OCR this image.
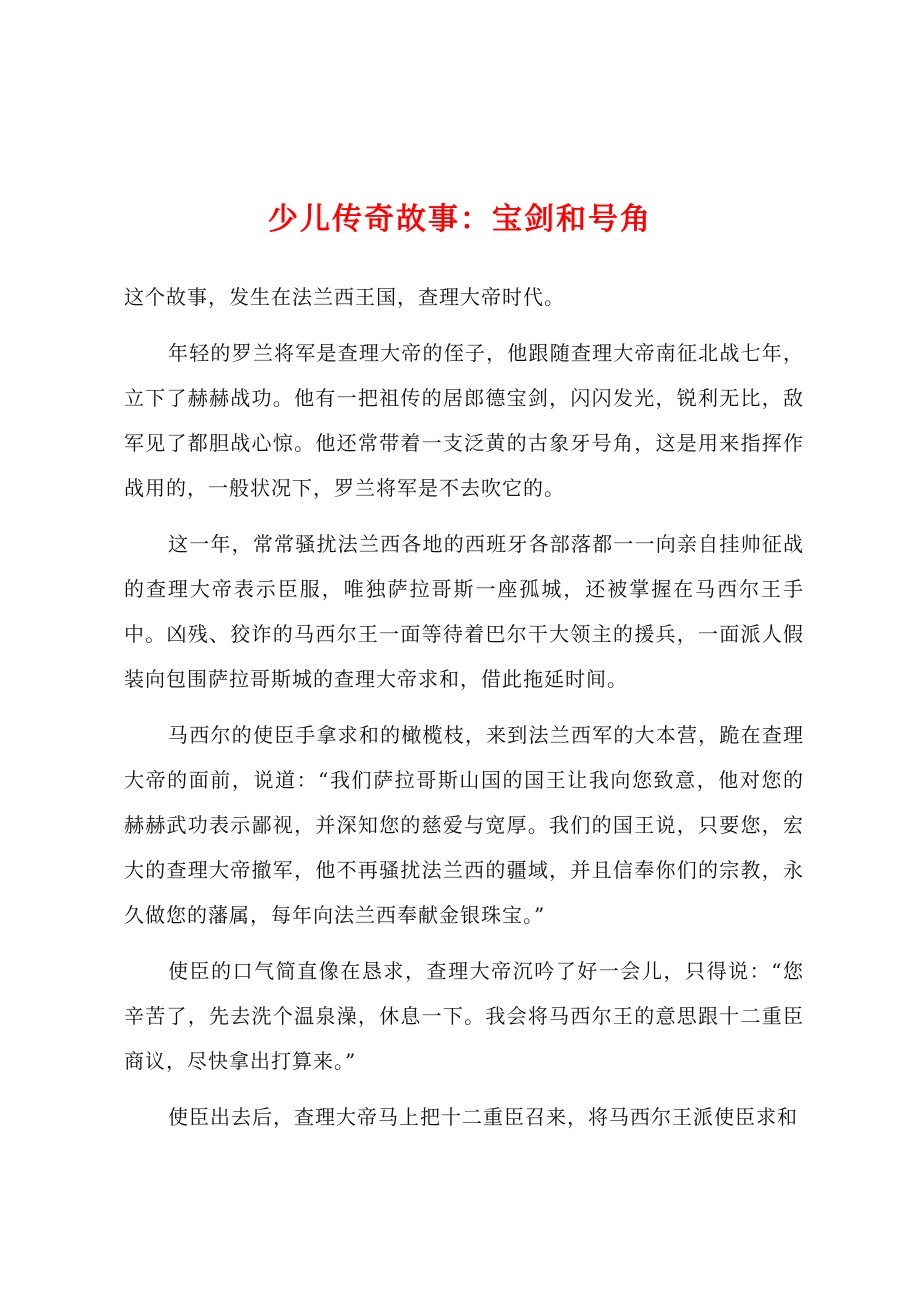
少儿传奇故事：宝剑和号角

这个故事，发生在法兰西王国，查理大帝时代。

年轻的罗兰将军是查理大帝的侄子，他跟随查理大帝南征北战七年，立下了赫赫战功。他有一把祖传的居郎德宝剑，闪闪发光，锐利无比，敌军见了都胆战心惊。他还常带着一支泛黄的古象牙号角，这是用来指挥作战用的，一般状况下，罗兰将军是不去吹它的。

这一年，常常骚扰法兰西各地的西班牙各部落都一一向亲自挂帅征战的查理大帝表示臣服，唯独萨拉哥斯一座孤城，还被掌握在马西尔王手中。凶残、狡诈的马西尔王一面等待着巴尔干大领主的援兵，一面派人假装向包围萨拉哥斯城的查理大帝求和，借此拖延时间。

马西尔的使臣手拿求和的橄榄枝，来到法兰西军的大本营，跪在查理大帝的面前，说道：“我们萨拉哥斯山国的国王让我向您致意，他对您的赫赫武功表示鄙视，并深知您的慈爱与宽厚。我们的国王说，只要您，宏大的查理大帝撤军，他不再骚扰法兰西的疆域，并且信奉你们的宗教，永久做您的藩属，每年向法兰西奉献金银珠宝。”

使臣的口气简直像在恳求，查理大帝沉吟了好一会儿，只得说：“您辛苦了，先去洗个温泉澡，休息一下。我会将马西尔王的意思跟十二重臣商议，尽快拿出打算来。”

使臣出去后，查理大帝马上把十二重臣召来，将马西尔王派使臣求和
